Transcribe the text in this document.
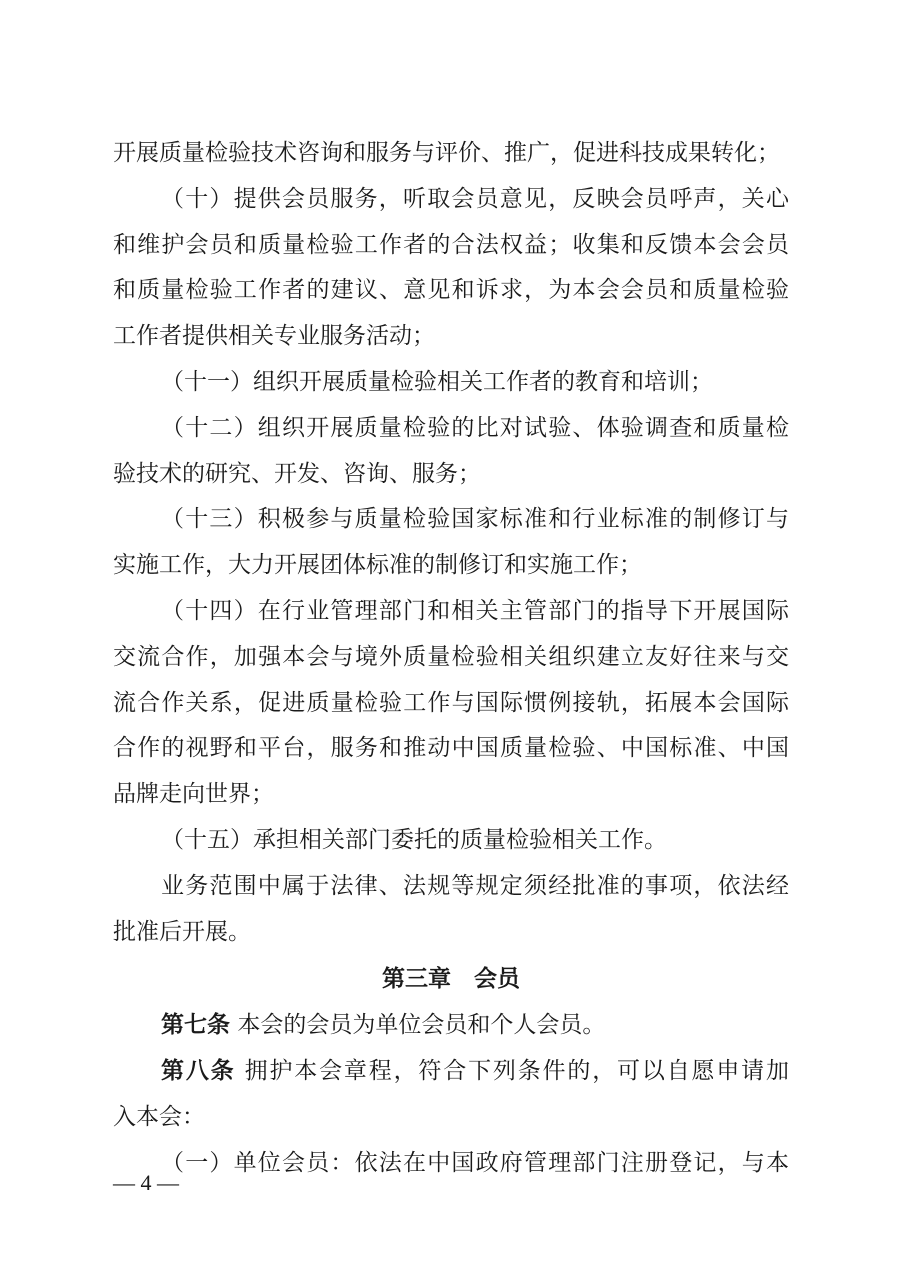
开展质量检验技术咨询和服务与评价、推广，促进科技成果转化；
（十）提供会员服务，听取会员意见，反映会员呼声，关心
和维护会员和质量检验工作者的合法权益；收集和反馈本会会员
和质量检验工作者的建议、意见和诉求，为本会会员和质量检验
工作者提供相关专业服务活动；
（十一）组织开展质量检验相关工作者的教育和培训；
（十二）组织开展质量检验的比对试验、体验调查和质量检
验技术的研究、开发、咨询、服务；
（十三）积极参与质量检验国家标准和行业标准的制修订与
实施工作，大力开展团体标准的制修订和实施工作；
（十四）在行业管理部门和相关主管部门的指导下开展国际
交流合作，加强本会与境外质量检验相关组织建立友好往来与交
流合作关系，促进质量检验工作与国际惯例接轨，拓展本会国际
合作的视野和平台，服务和推动中国质量检验、中国标准、中国
品牌走向世界；
（十五）承担相关部门委托的质量检验相关工作。
业务范围中属于法律、法规等规定须经批准的事项，依法经
批准后开展。
第三章　会员
第七条 本会的会员为单位会员和个人会员。
第八条 拥护本会章程，符合下列条件的，可以自愿申请加
入本会：
（一）单位会员：依法在中国政府管理部门注册登记，与本
— 4 —
